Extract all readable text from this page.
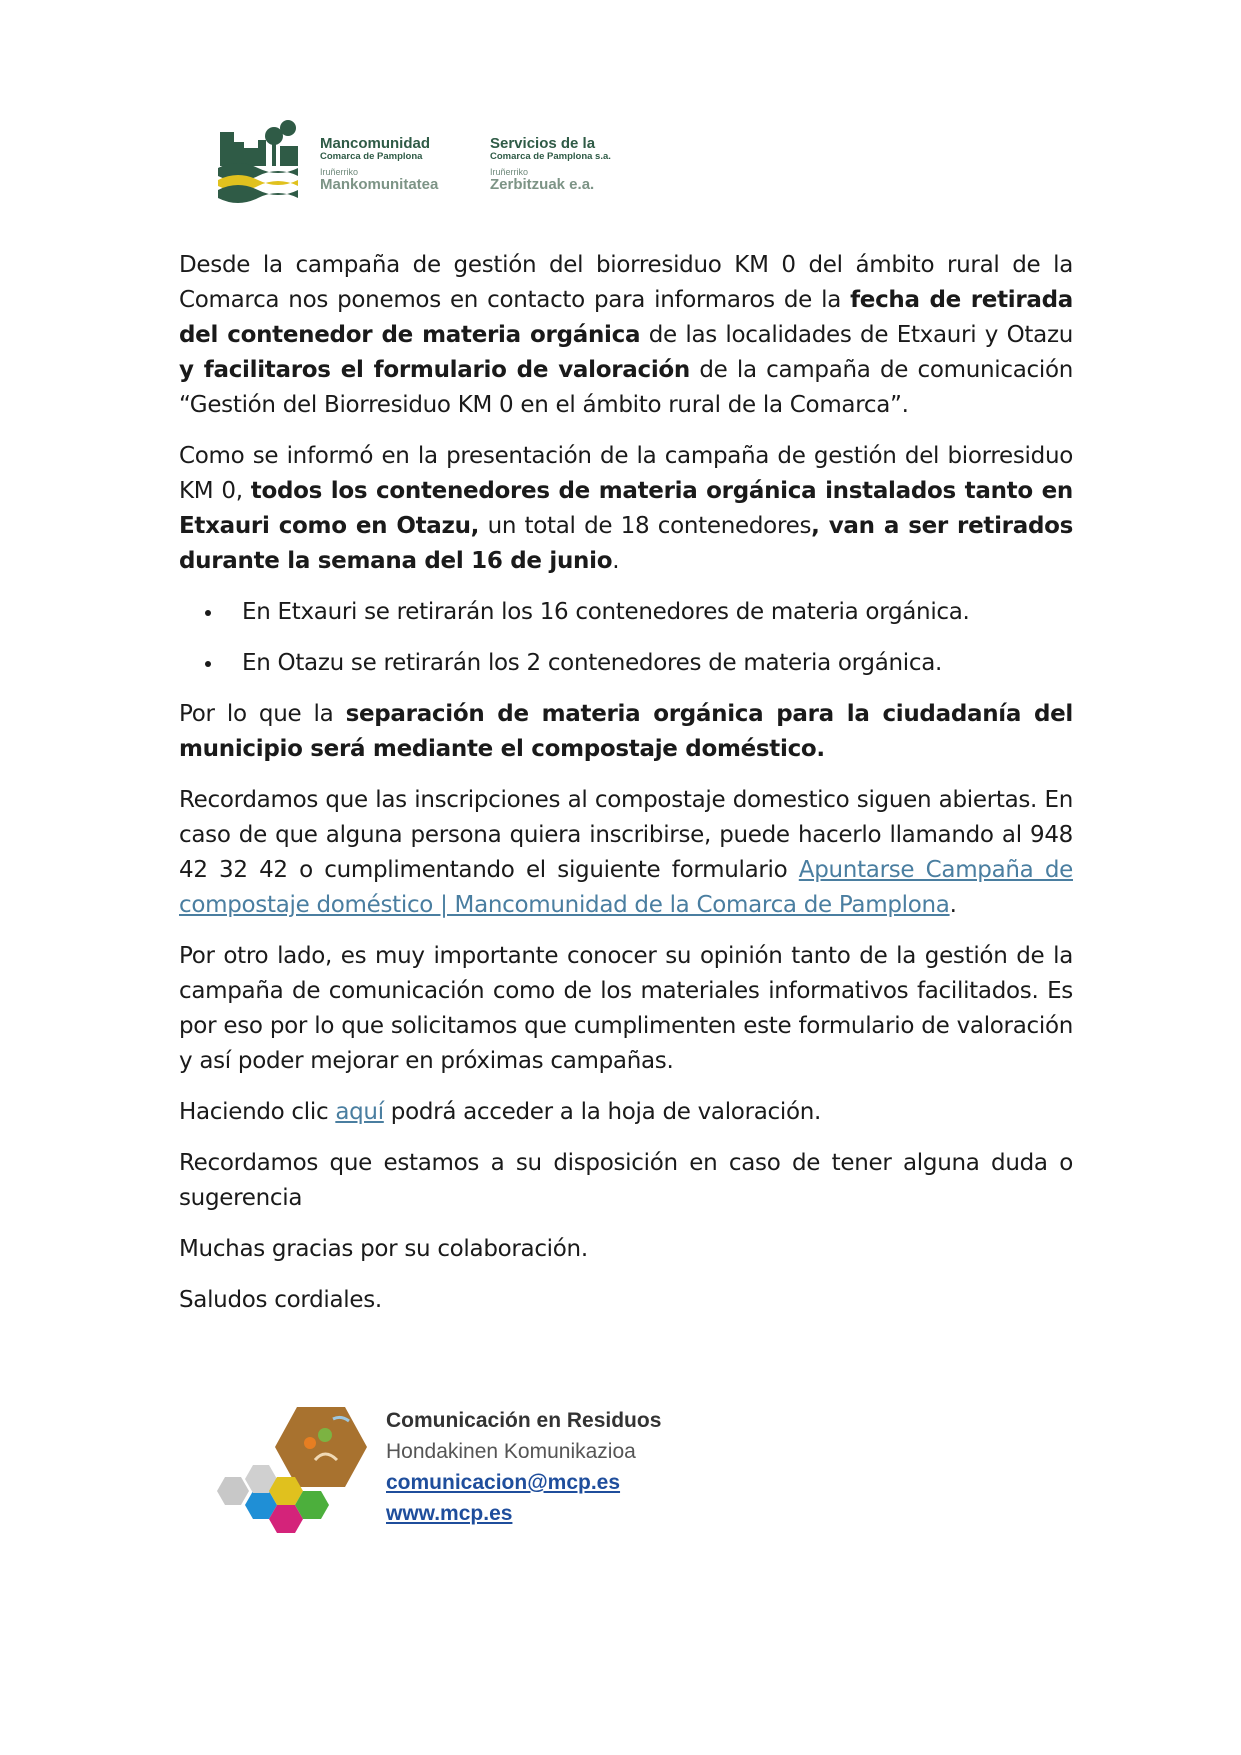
Mancomunidad
Comarca de Pamplona
Iruñerriko
Mankomunitatea
Servicios de la
Comarca de Pamplona s.a.
Iruñerriko
Zerbitzuak e.a.

Desde la campaña de gestión del biorresiduo KM 0 del ámbito rural de la Comarca nos ponemos en contacto para informaros de la fecha de retirada del contenedor de materia orgánica de las localidades de Etxauri y Otazu y facilitaros el formulario de valoración de la campaña de comunicación “Gestión del Biorresiduo KM 0 en el ámbito rural de la Comarca”.

Como se informó en la presentación de la campaña de gestión del biorresiduo KM 0, todos los contenedores de materia orgánica instalados tanto en Etxauri como en Otazu, un total de 18 contenedores, van a ser retirados durante la semana del 16 de junio.

En Etxauri se retirarán los 16 contenedores de materia orgánica.
En Otazu se retirarán los 2 contenedores de materia orgánica.

Por lo que la separación de materia orgánica para la ciudadanía del municipio será mediante el compostaje doméstico.

Recordamos que las inscripciones al compostaje domestico siguen abiertas. En caso de que alguna persona quiera inscribirse, puede hacerlo llamando al 948 42 32 42 o cumplimentando el siguiente formulario Apuntarse Campaña de compostaje doméstico | Mancomunidad de la Comarca de Pamplona.

Por otro lado, es muy importante conocer su opinión tanto de la gestión de la campaña de comunicación como de los materiales informativos facilitados. Es por eso por lo que solicitamos que cumplimenten este formulario de valoración y así poder mejorar en próximas campañas.

Haciendo clic aquí podrá acceder a la hoja de valoración.

Recordamos que estamos a su disposición en caso de tener alguna duda o sugerencia

Muchas gracias por su colaboración.

Saludos cordiales.

Comunicación en Residuos
Hondakinen Komunikazioa
comunicacion@mcp.es
www.mcp.es
